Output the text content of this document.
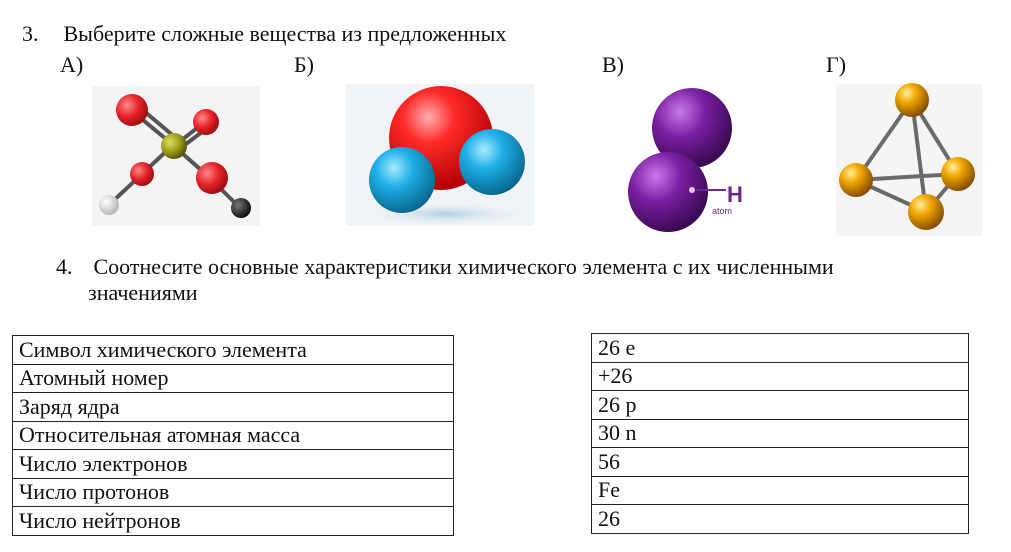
3. Выберите сложные вещества из предложенных
А)	Б)	В)	Г)
H
atom
4. Соотнесите основные характеристики химического элемента с их численными
значениями
Символ химического элемента
Атомный номер
Заряд ядра
Относительная атомная масса
Число электронов
Число протонов
Число нейтронов
26 e
+26
26 p
30 n
56
Fe
26
